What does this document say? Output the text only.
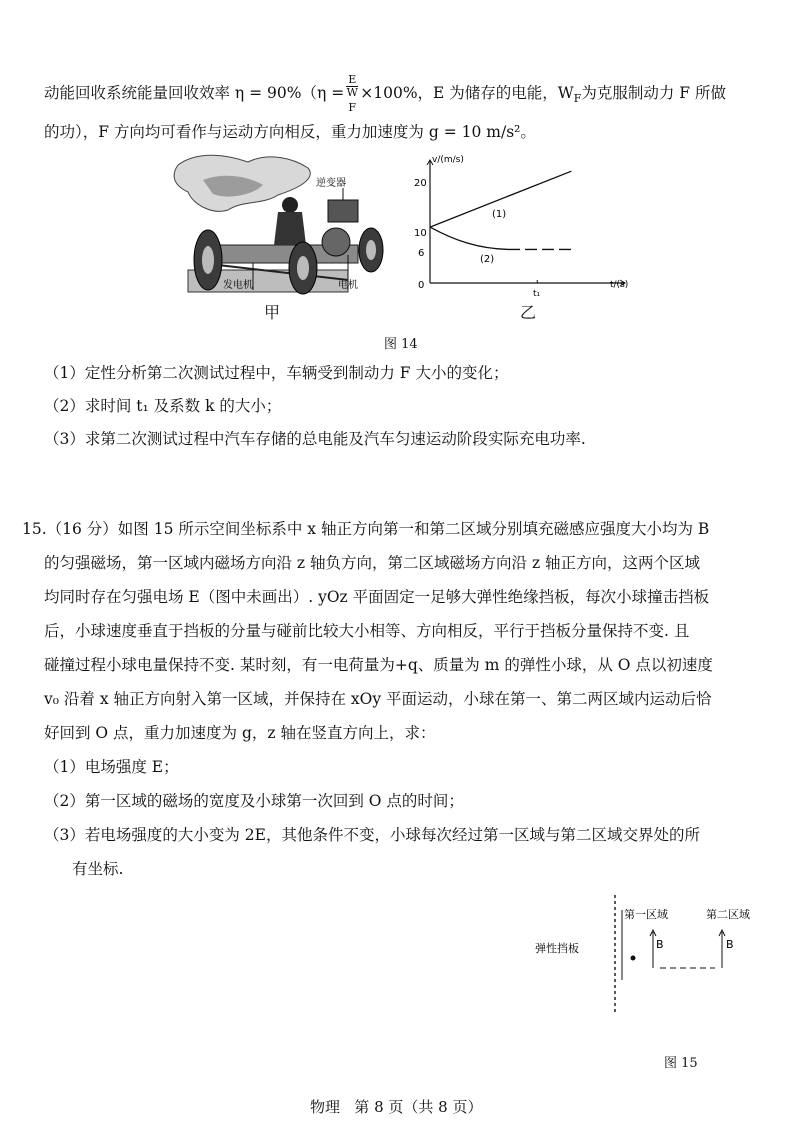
动能回收系统能量回收效率 η = 90%（η = E
W
$_F$ ×100%，E 为储存的电能，$W_F$为克服制动力 F 所做
的功），F 方向均可看作与运动方向相反，重力加速度为 g = 10 m/s²。
逆变器
发电机	电机
甲
v/(m/s)
t/(s)
0
20
10
6
t₁
(1)
(2)
乙
图 14
（1）定性分析第二次测试过程中，车辆受到制动力 F 大小的变化；
（2）求时间 t₁ 及系数 k 的大小；
（3）求第二次测试过程中汽车存储的总电能及汽车匀速运动阶段实际充电功率.
15.（16 分）如图 15 所示空间坐标系中 x 轴正方向第一和第二区域分别填充磁感应强度大小均为 B
的匀强磁场，第一区域内磁场方向沿 z 轴负方向，第二区域磁场方向沿 z 轴正方向，这两个区域
均同时存在匀强电场 E（图中未画出）. yOz 平面固定一足够大弹性绝缘挡板，每次小球撞击挡板
后，小球速度垂直于挡板的分量与碰前比较大小相等、方向相反，平行于挡板分量保持不变. 且
碰撞过程小球电量保持不变. 某时刻，有一电荷量为+q、质量为 m 的弹性小球，从 O 点以初速度
v₀ 沿着 x 轴正方向射入第一区域，并保持在 xOy 平面运动，小球在第一、第二两区域内运动后恰
好回到 O 点，重力加速度为 g，z 轴在竖直方向上，求：
（1）电场强度 E；
（2）第一区域的磁场的宽度及小球第一次回到 O 点的时间；
（3）若电场强度的大小变为 2E，其他条件不变，小球每次经过第一区域与第二区域交界处的所
有坐标.
B	B
第一区域	第二区域
弹性挡板
图 15
物理   第 8 页（共 8 页）
